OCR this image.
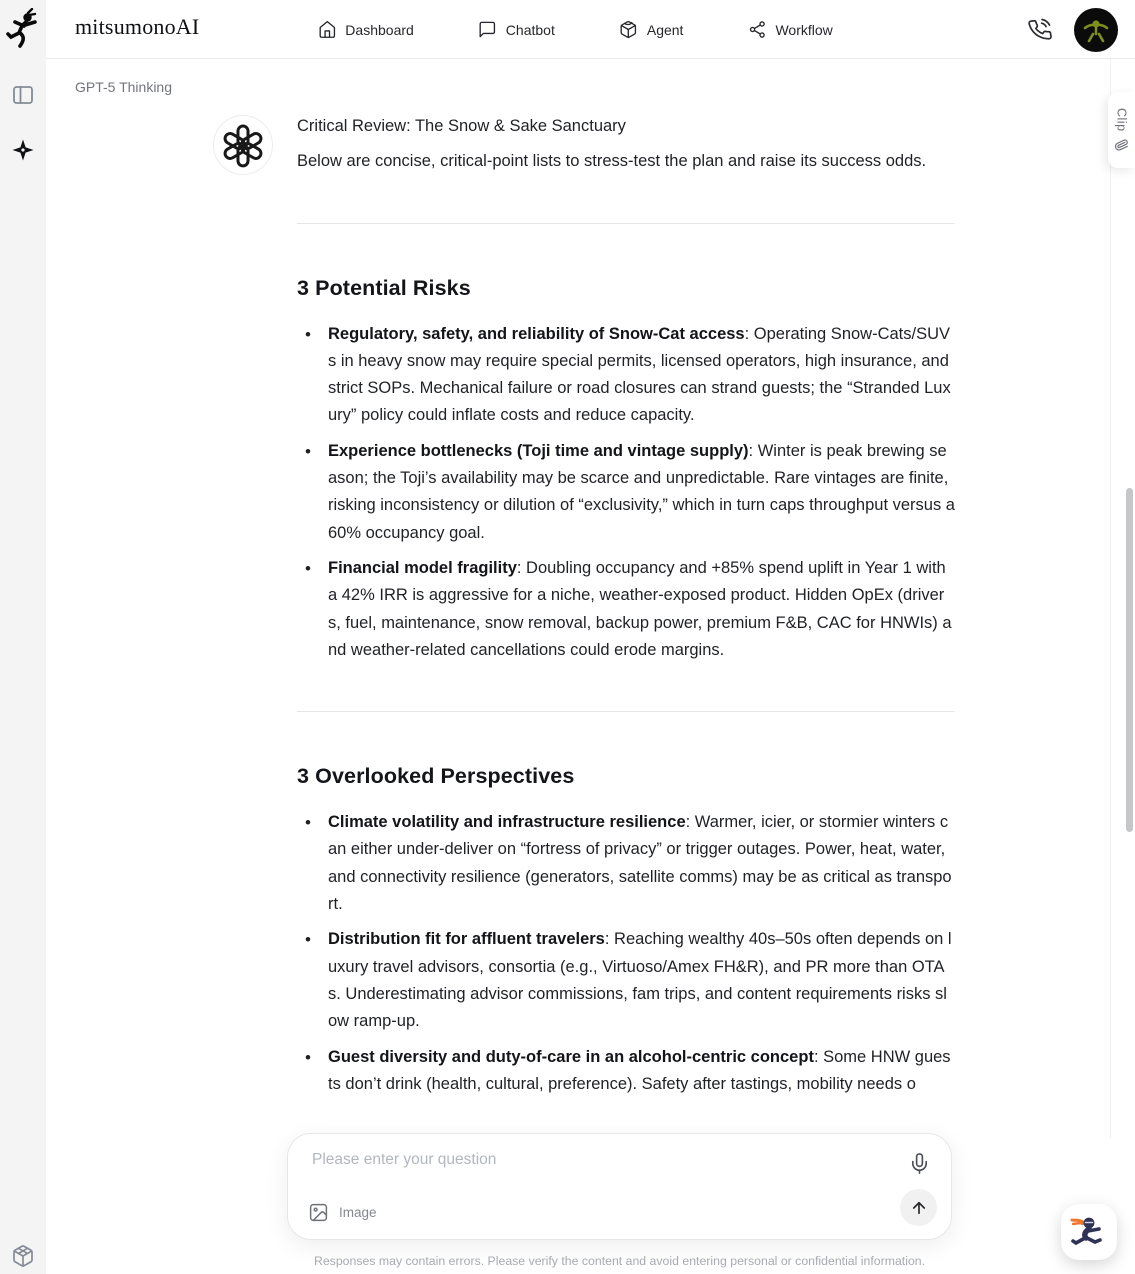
mitsumonoAI	Dashboard	Chatbot	Agent	Workflow
GPT-5 Thinking
Critical Review: The Snow & Sake Sanctuary
Below are concise, critical-point lists to stress-test the plan and raise its success odds.
3 Potential Risks
• Regulatory, safety, and reliability of Snow-Cat access: Operating Snow-Cats/SUVs in heavy snow may require special permits, licensed operators, high insurance, and strict SOPs. Mechanical failure or road closures can strand guests; the “Stranded Luxury” policy could inflate costs and reduce capacity.
• Experience bottlenecks (Toji time and vintage supply): Winter is peak brewing season; the Toji’s availability may be scarce and unpredictable. Rare vintages are finite, risking inconsistency or dilution of “exclusivity,” which in turn caps throughput versus a 60% occupancy goal.
• Financial model fragility: Doubling occupancy and +85% spend uplift in Year 1 with a 42% IRR is aggressive for a niche, weather-exposed product. Hidden OpEx (drivers, fuel, maintenance, snow removal, backup power, premium F&B, CAC for HNWIs) and weather-related cancellations could erode margins.
3 Overlooked Perspectives
• Climate volatility and infrastructure resilience: Warmer, icier, or stormier winters can either under-deliver on “fortress of privacy” or trigger outages. Power, heat, water, and connectivity resilience (generators, satellite comms) may be as critical as transport.
• Distribution fit for affluent travelers: Reaching wealthy 40s–50s often depends on luxury travel advisors, consortia (e.g., Virtuoso/Amex FH&R), and PR more than OTAs. Underestimating advisor commissions, fam trips, and content requirements risks slow ramp-up.
• Guest diversity and duty-of-care in an alcohol-centric concept: Some HNW guests don’t drink (health, cultural, preference). Safety after tastings, mobility needs o
Clip
Please enter your question
Image
Responses may contain errors. Please verify the content and avoid entering personal or confidential information.
